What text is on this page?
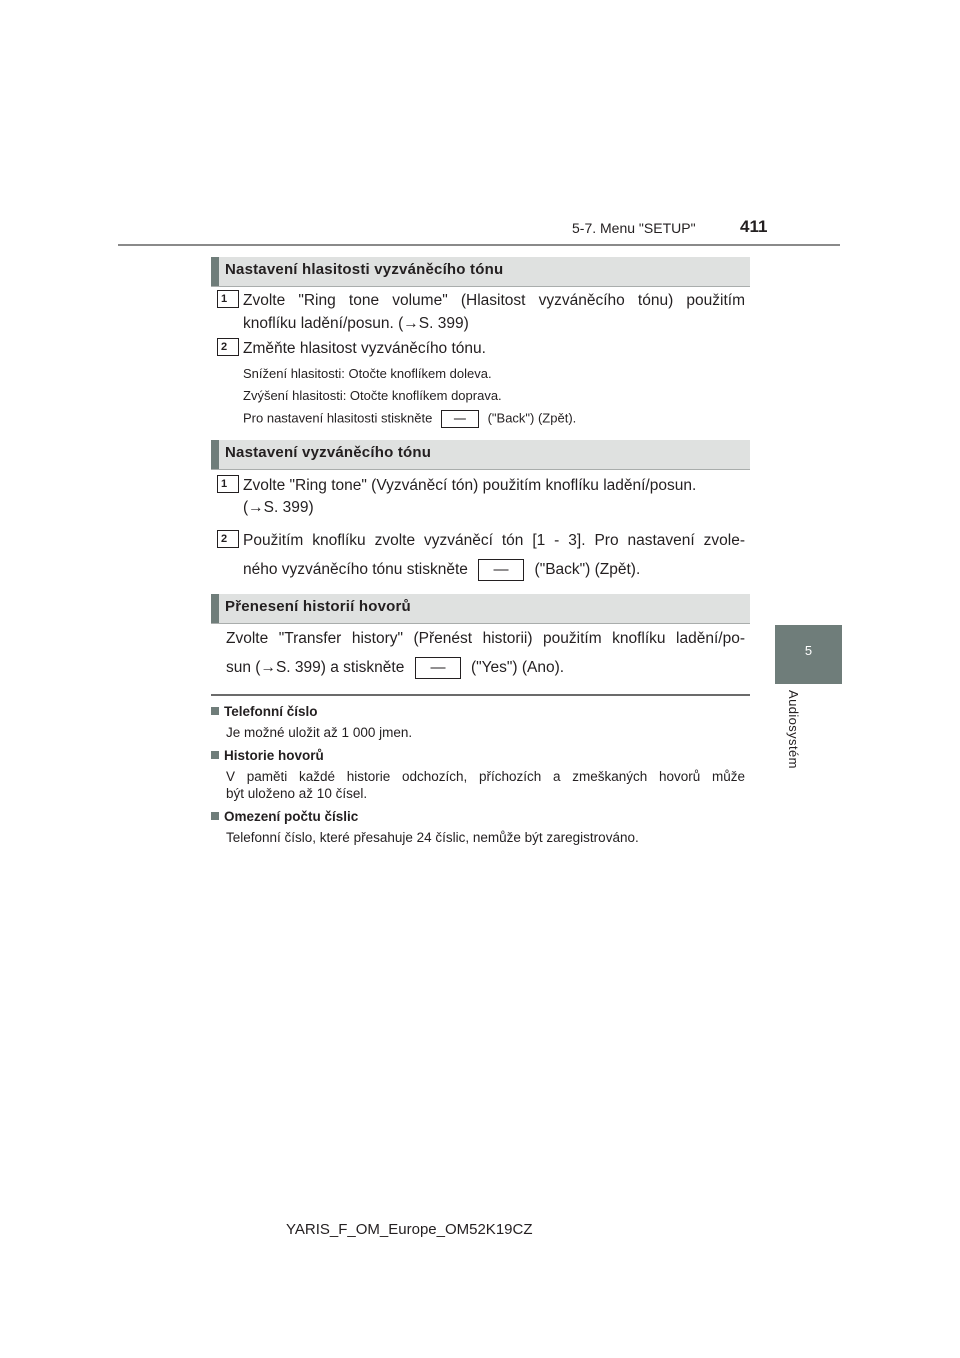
5-7. Menu "SETUP"	411
5
Audiosystém
Nastavení hlasitosti vyzváněcího tónu
1	Zvolte "Ring tone volume" (Hlasitost vyzváněcího tónu) použitím
knoflíku ladění/posun. (→S. 399)
2	Změňte hlasitost vyzváněcího tónu.
Snížení hlasitosti: Otočte knoflíkem doleva.
Zvýšení hlasitosti: Otočte knoflíkem doprava.
Pro nastavení hlasitosti stiskněte	("Back") (Zpět).
Nastavení vyzváněcího tónu
1	Zvolte "Ring tone" (Vyzváněcí tón) použitím knoflíku ladění/posun.
(→S. 399)
2	Použitím knoflíku zvolte vyzváněcí tón [1 - 3]. Pro nastavení zvole-
ného vyzváněcího tónu stiskněte	("Back") (Zpět).
Přenesení historií hovorů
Zvolte "Transfer history" (Přenést historii) použitím knoflíku ladění/po-
sun (→S. 399) a stiskněte	("Yes") (Ano).
Telefonní číslo
Je možné uložit až 1 000 jmen.
Historie hovorů
V paměti každé historie odchozích, příchozích a zmeškaných hovorů může
být uloženo až 10 čísel.
Omezení počtu číslic
Telefonní číslo, které přesahuje 24 číslic, nemůže být zaregistrováno.
YARIS_F_OM_Europe_OM52K19CZ
